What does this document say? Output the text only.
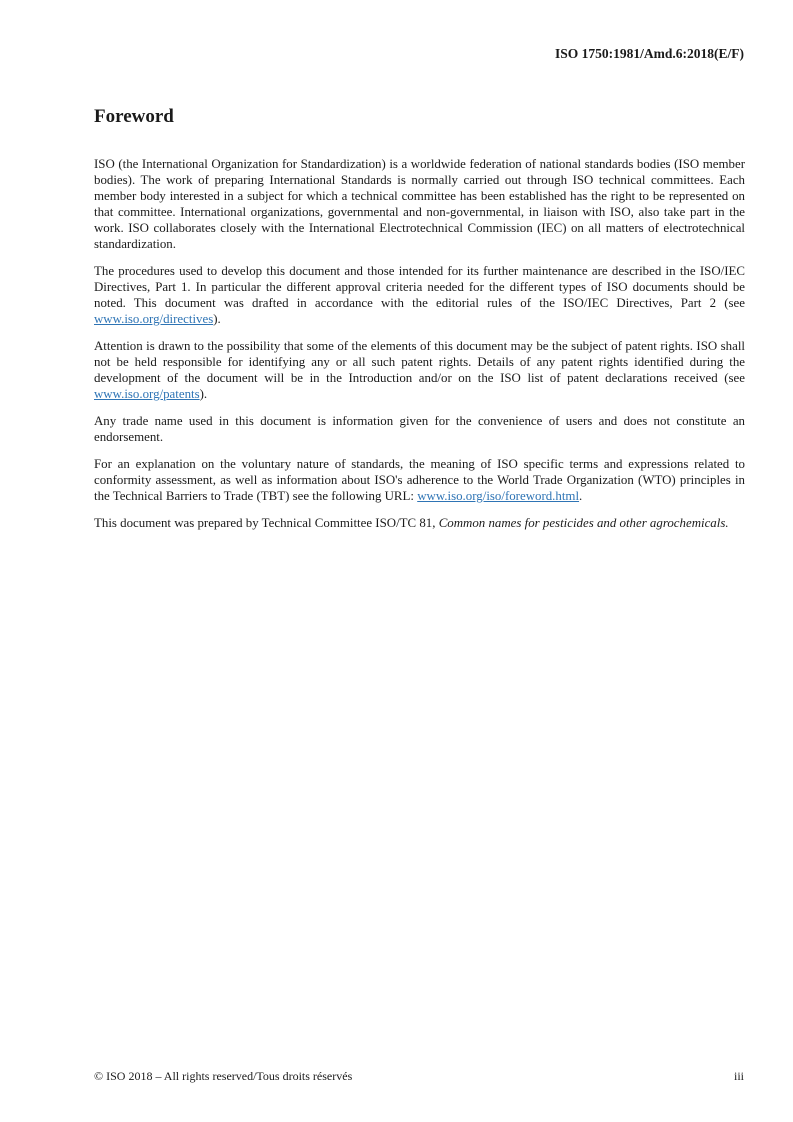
ISO 1750:1981/Amd.6:2018(E/F)
Foreword

ISO (the International Organization for Standardization) is a worldwide federation of national standards bodies (ISO member bodies). The work of preparing International Standards is normally carried out through ISO technical committees. Each member body interested in a subject for which a technical committee has been established has the right to be represented on that committee. International organizations, governmental and non-governmental, in liaison with ISO, also take part in the work. ISO collaborates closely with the International Electrotechnical Commission (IEC) on all matters of electrotechnical standardization.

The procedures used to develop this document and those intended for its further maintenance are described in the ISO/IEC Directives, Part 1. In particular the different approval criteria needed for the different types of ISO documents should be noted. This document was drafted in accordance with the editorial rules of the ISO/IEC Directives, Part 2 (see www.iso.org/directives).

Attention is drawn to the possibility that some of the elements of this document may be the subject of patent rights. ISO shall not be held responsible for identifying any or all such patent rights. Details of any patent rights identified during the development of the document will be in the Introduction and/or on the ISO list of patent declarations received (see www.iso.org/patents).

Any trade name used in this document is information given for the convenience of users and does not constitute an endorsement.

For an explanation on the voluntary nature of standards, the meaning of ISO specific terms and expressions related to conformity assessment, as well as information about ISO's adherence to the World Trade Organization (WTO) principles in the Technical Barriers to Trade (TBT) see the following URL: www.iso.org/iso/foreword.html.

This document was prepared by Technical Committee ISO/TC 81, Common names for pesticides and other agrochemicals.

© ISO 2018 – All rights reserved/Tous droits réservés	iii
